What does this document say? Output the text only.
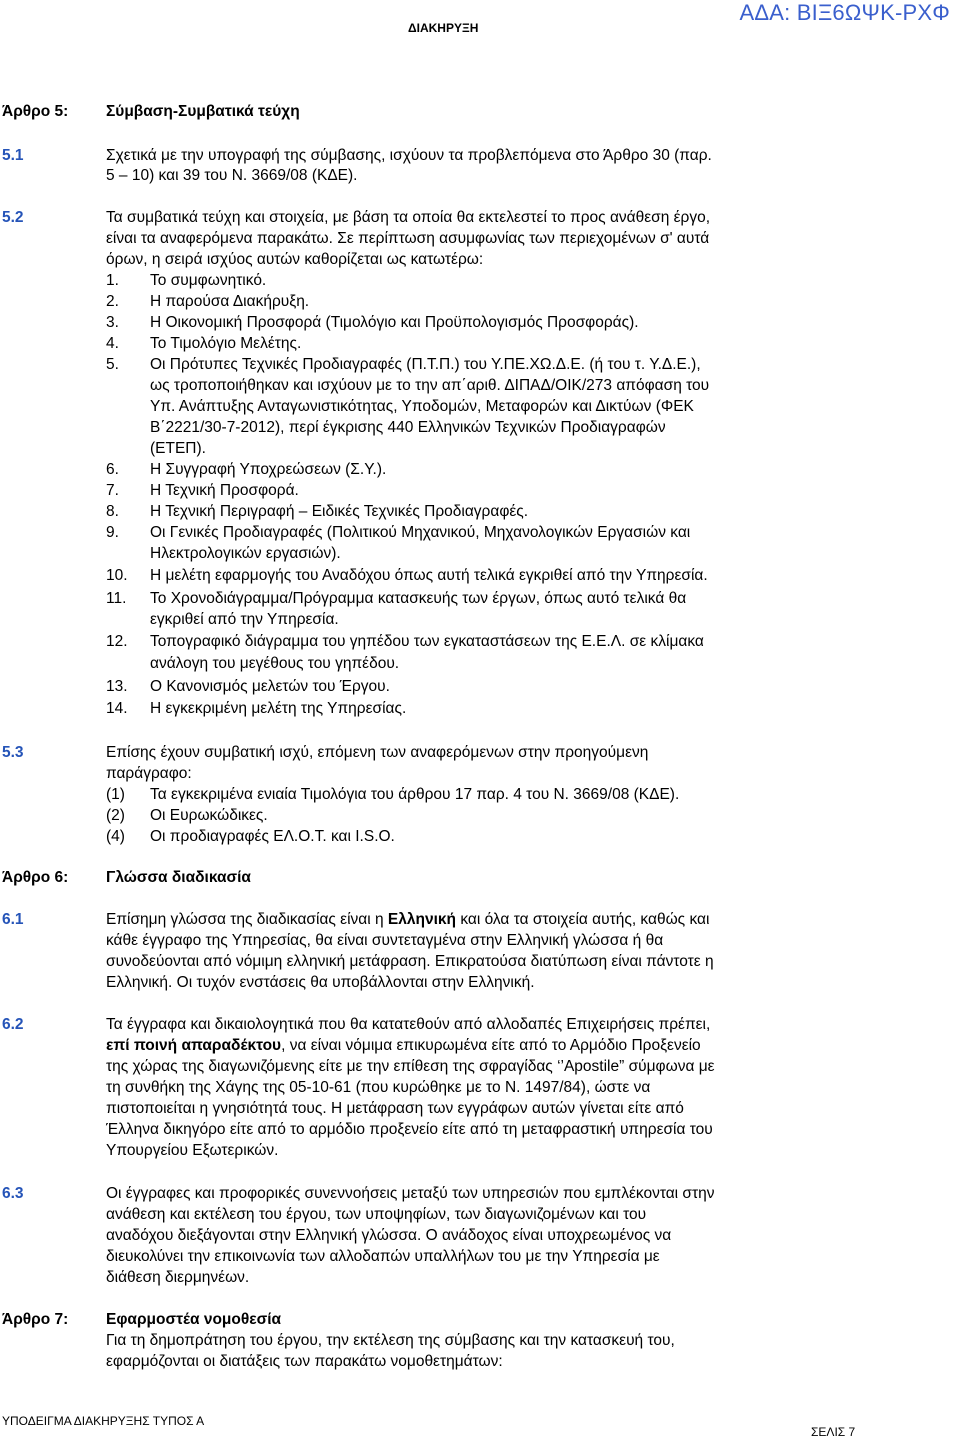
ΔΙΑΚΗΡΥΞΗ
ΑΔΑ: ΒΙΞ6ΩΨΚ-ΡΧΦ
Άρθρο 5: Σύμβαση-Συμβατικά τεύχη
5.1	Σχετικά με την υπογραφή της σύμβασης, ισχύουν τα προβλεπόμενα στο Άρθρο 30 (παρ.
5 – 10) και 39 του Ν. 3669/08 (ΚΔΕ).
5.2	Τα συμβατικά τεύχη και στοιχεία, με βάση τα οποία θα εκτελεστεί το προς ανάθεση έργο,
είναι τα αναφερόμενα παρακάτω. Σε περίπτωση ασυμφωνίας των περιεχομένων σ' αυτά
όρων, η σειρά ισχύος αυτών καθορίζεται ως κατωτέρω:
1. Το συμφωνητικό.
2. Η παρούσα Διακήρυξη.
3. Η Οικονομική Προσφορά (Τιμολόγιο και Προϋπολογισμός Προσφοράς).
4. Το Τιμολόγιο Μελέτης.
5. Οι Πρότυπες Τεχνικές Προδιαγραφές (Π.Τ.Π.) του Υ.ΠΕ.ΧΩ.Δ.Ε. (ή του τ. Υ.Δ.Ε.),
ως τροποποιήθηκαν και ισχύουν με το την απ΄αριθ. ΔΙΠΑΔ/ΟΙΚ/273 απόφαση του
Υπ. Ανάπτυξης Ανταγωνιστικότητας, Υποδομών, Μεταφορών και Δικτύων (ΦΕΚ
Β΄2221/30-7-2012), περί έγκρισης 440 Ελληνικών Τεχνικών Προδιαγραφών
(ΕΤΕΠ).
6. Η Συγγραφή Υποχρεώσεων (Σ.Υ.).
7. Η Τεχνική Προσφορά.
8. Η Τεχνική Περιγραφή – Ειδικές Τεχνικές Προδιαγραφές.
9. Οι Γενικές Προδιαγραφές (Πολιτικού Μηχανικού, Μηχανολογικών Εργασιών και
Ηλεκτρολογικών εργασιών).
10. Η μελέτη εφαρμογής του Αναδόχου όπως αυτή τελικά εγκριθεί από την Υπηρεσία.
11. Το Χρονοδιάγραμμα/Πρόγραμμα κατασκευής των έργων, όπως αυτό τελικά θα
εγκριθεί από την Υπηρεσία.
12. Τοπογραφικό διάγραμμα του γηπέδου των εγκαταστάσεων της Ε.Ε.Λ. σε κλίμακα
ανάλογη του μεγέθους του γηπέδου.
13. Ο Κανονισμός μελετών του Έργου.
14. Η εγκεκριμένη μελέτη της Υπηρεσίας.
5.3	Επίσης έχουν συμβατική ισχύ, επόμενη των αναφερόμενων στην προηγούμενη
παράγραφο:
(1) Τα εγκεκριμένα ενιαία Τιμολόγια του άρθρου 17 παρ. 4 του Ν. 3669/08 (ΚΔΕ).
(2) Οι Ευρωκώδικες.
(4) Οι προδιαγραφές ΕΛ.Ο.Τ. και I.S.O.
Άρθρο 6: Γλώσσα διαδικασία
6.1	Επίσημη γλώσσα της διαδικασίας είναι η Ελληνική και όλα τα στοιχεία αυτής, καθώς και
κάθε έγγραφο της Υπηρεσίας, θα είναι συντεταγμένα στην Ελληνική γλώσσα ή θα
συνοδεύονται από νόμιμη ελληνική μετάφραση. Επικρατούσα διατύπωση είναι πάντοτε η
Ελληνική. Οι τυχόν ενστάσεις θα υποβάλλονται στην Ελληνική.
6.2	Τα έγγραφα και δικαιολογητικά που θα κατατεθούν από αλλοδαπές Επιχειρήσεις πρέπει,
επί ποινή απαραδέκτου, να είναι νόμιμα επικυρωμένα είτε από το Αρμόδιο Προξενείο
της χώρας της διαγωνιζόμενης είτε με την επίθεση της σφραγίδας ‘’Apostile” σύμφωνα με
τη συνθήκη της Χάγης της 05-10-61 (που κυρώθηκε με το Ν. 1497/84), ώστε να
πιστοποιείται η γνησιότητά τους. Η μετάφραση των εγγράφων αυτών γίνεται είτε από
Έλληνα δικηγόρο είτε από το αρμόδιο προξενείο είτε από τη μεταφραστική υπηρεσία του
Υπουργείου Εξωτερικών.
6.3	Οι έγγραφες και προφορικές συνεννοήσεις μεταξύ των υπηρεσιών που εμπλέκονται στην
ανάθεση και εκτέλεση του έργου, των υποψηφίων, των διαγωνιζομένων και του
αναδόχου διεξάγονται στην Ελληνική γλώσσα. Ο ανάδοχος είναι υποχρεωμένος να
διευκολύνει την επικοινωνία των αλλοδαπών υπαλλήλων του με την Υπηρεσία με
διάθεση διερμηνέων.
Άρθρο 7: Εφαρμοστέα νομοθεσία
Για τη δημοπράτηση του έργου, την εκτέλεση της σύμβασης και την κατασκευή του,
εφαρμόζονται οι διατάξεις των παρακάτω νομοθετημάτων:
ΥΠΟΔΕΙΓΜΑ ΔΙΑΚΗΡΥΞΗΣ ΤΥΠΟΣ Α
ΣΕΛΙΣ 7
